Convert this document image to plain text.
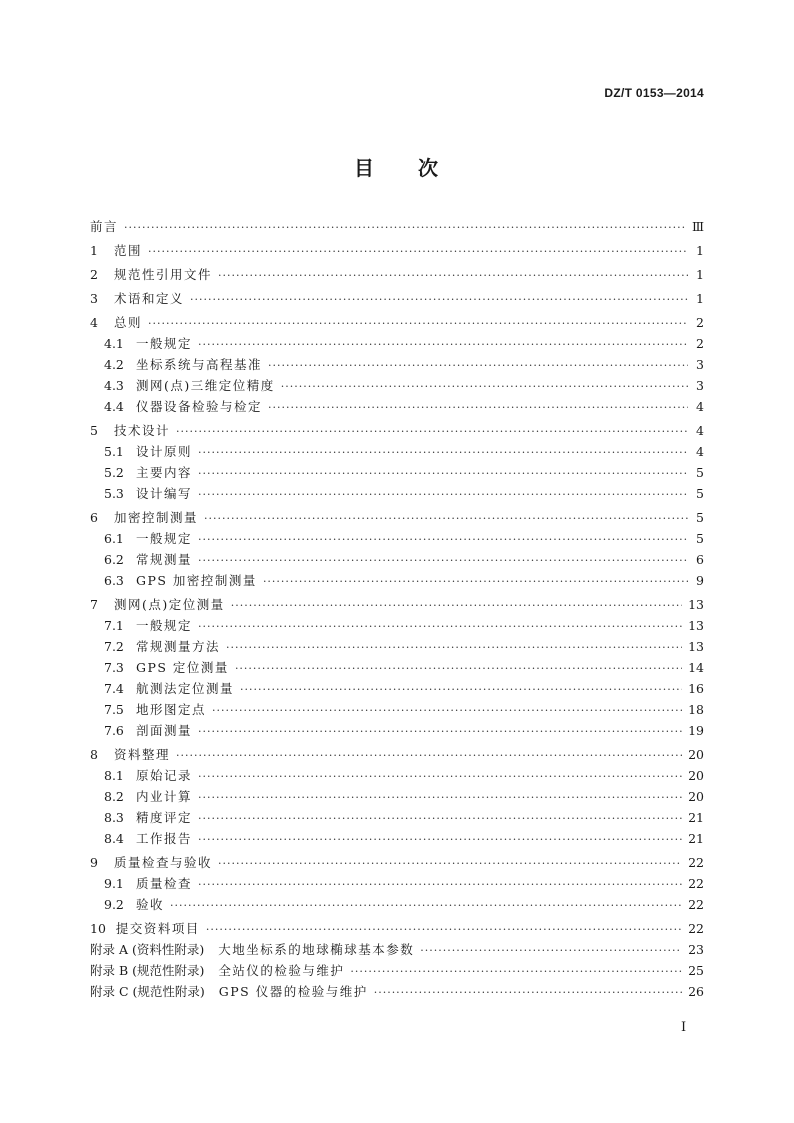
DZ/T 0153—2014
目 次
前言 ·····	Ⅲ
1	范围 ·····	1
2	规范性引用文件 ·····	1
3	术语和定义 ·····	1
4	总则 ·····	2
4.1 一般规定 ·····	2
4.2 坐标系统与高程基准 ·····	3
4.3 测网(点)三维定位精度 ·····	3
4.4 仪器设备检验与检定 ·····	4
5	技术设计 ·····	4
5.1 设计原则 ·····	4
5.2 主要内容 ·····	5
5.3 设计编写 ·····	5
6	加密控制测量 ·····	5
6.1 一般规定 ·····	5
6.2 常规测量 ·····	6
6.3 GPS 加密控制测量 ·····	9
7	测网(点)定位测量 ·····	13
7.1 一般规定 ·····	13
7.2 常规测量方法 ·····	13
7.3 GPS 定位测量 ·····	14
7.4 航测法定位测量 ·····	16
7.5 地形图定点 ·····	18
7.6 剖面测量 ·····	19
8	资料整理 ·····	20
8.1 原始记录 ·····	20
8.2 内业计算 ·····	20
8.3 精度评定 ·····	21
8.4 工作报告 ·····	21
9	质量检查与验收 ·····	22
9.1 质量检查 ·····	22
9.2 验收 ·····	22
10 提交资料项目 ·····	22
附录 A (资料性附录)	大地坐标系的地球椭球基本参数 ·····	23
附录 B (规范性附录)	全站仪的检验与维护 ·····	25
附录 C (规范性附录)	GPS 仪器的检验与维护 ·····	26
I
